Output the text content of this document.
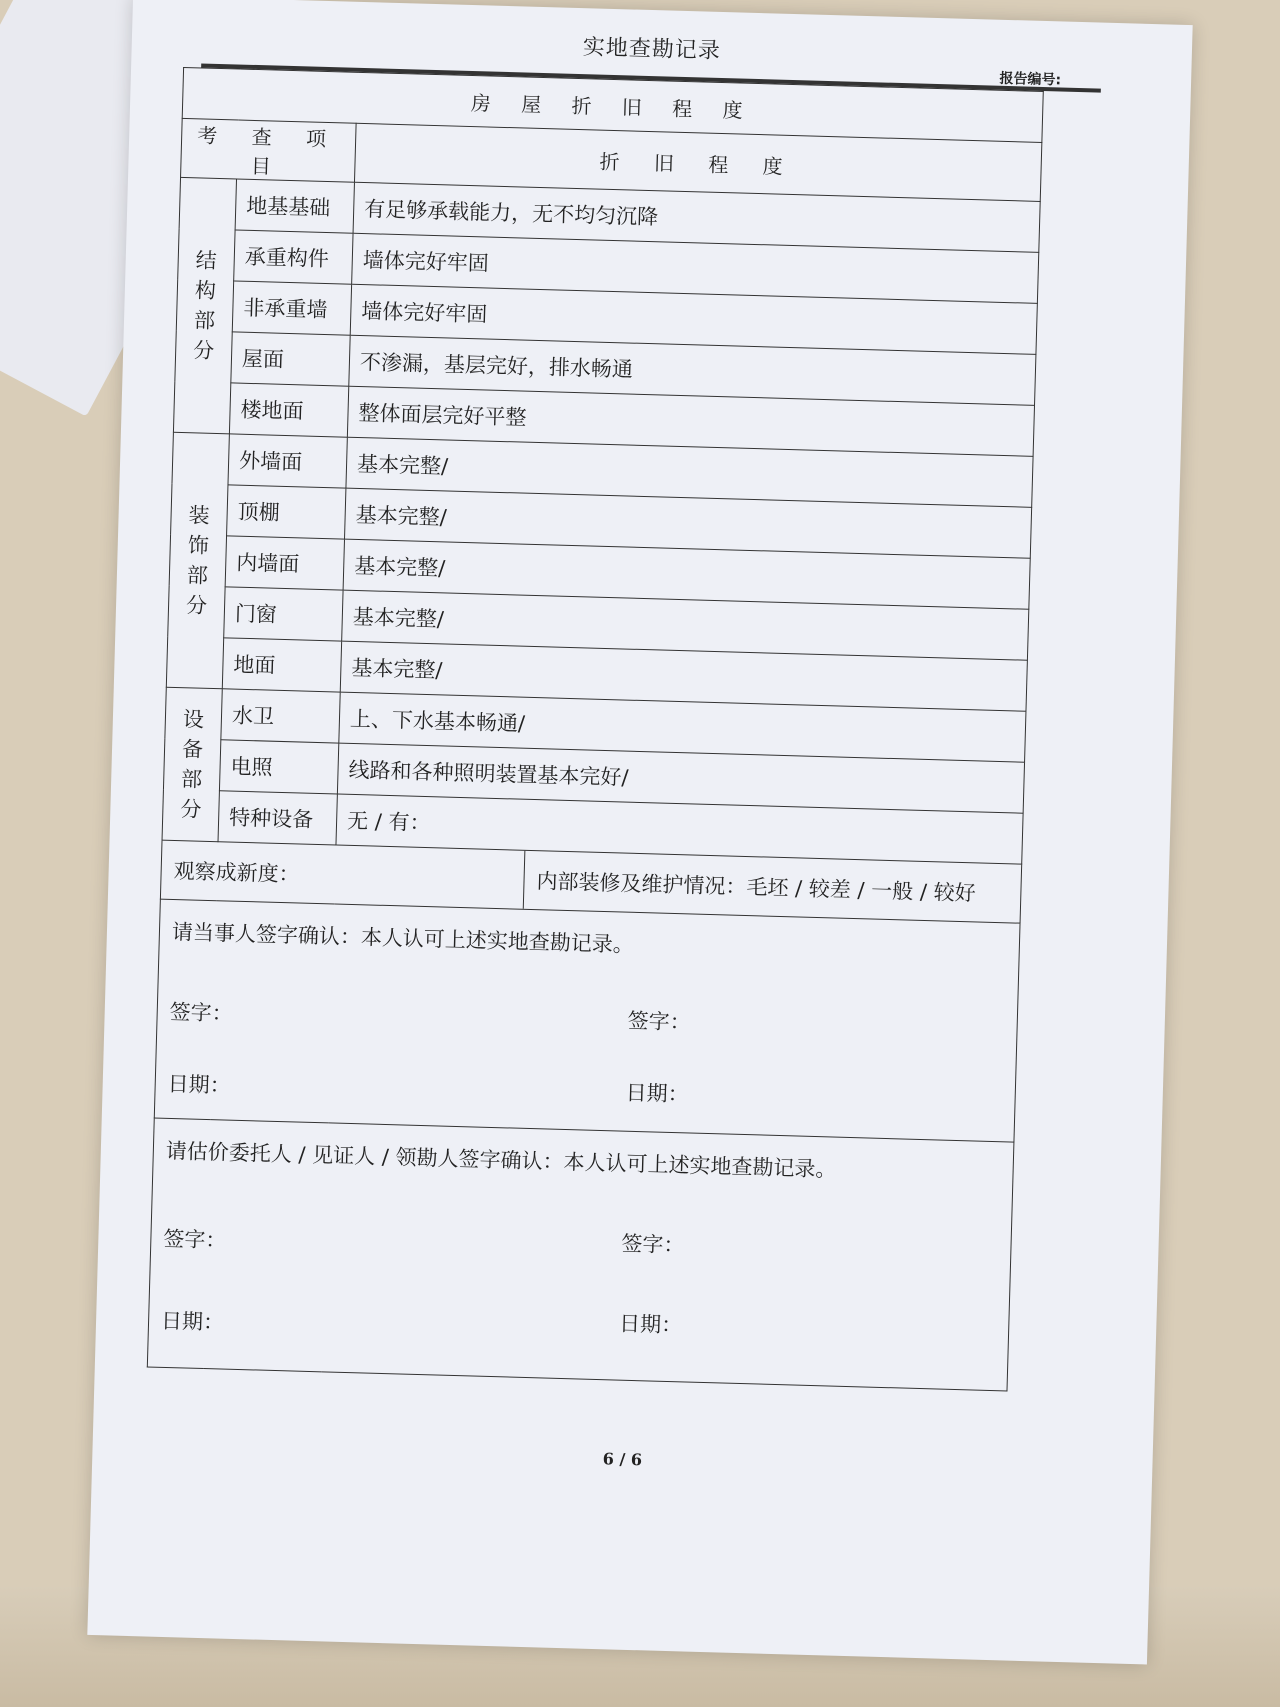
实地查勘记录
报告编号:
房 屋 折 旧 程 度		
考 查 项 目		折 旧 程 度

结
构
部
分	地基基础	有足够承载能力，无不均匀沉降
	承重构件	墙体完好牢固
	非承重墙	墙体完好牢固
	屋面	不渗漏，基层完好，排水畅通
	楼地面	整体面层完好平整

装
饰
部
分	外墙面	基本完整/
	顶棚	基本完整/
	内墙面	基本完整/
	门窗	基本完整/
	地面	基本完整/

设
备
部
分	水卫	上、下水基本畅通/
	电照	线路和各种照明装置基本完好/
	特种设备	无 / 有：

观察成新度： 内部装修及维护情况：毛坯 / 较差 / 一般 / 较好		

请当事人签字确认：本人认可上述实地查勘记录。
签字： 签字：
日期： 日期：		

请估价委托人 / 见证人 / 领勘人签字确认：本人认可上述实地查勘记录。
签字： 签字：
日期： 日期：		
6 / 6
